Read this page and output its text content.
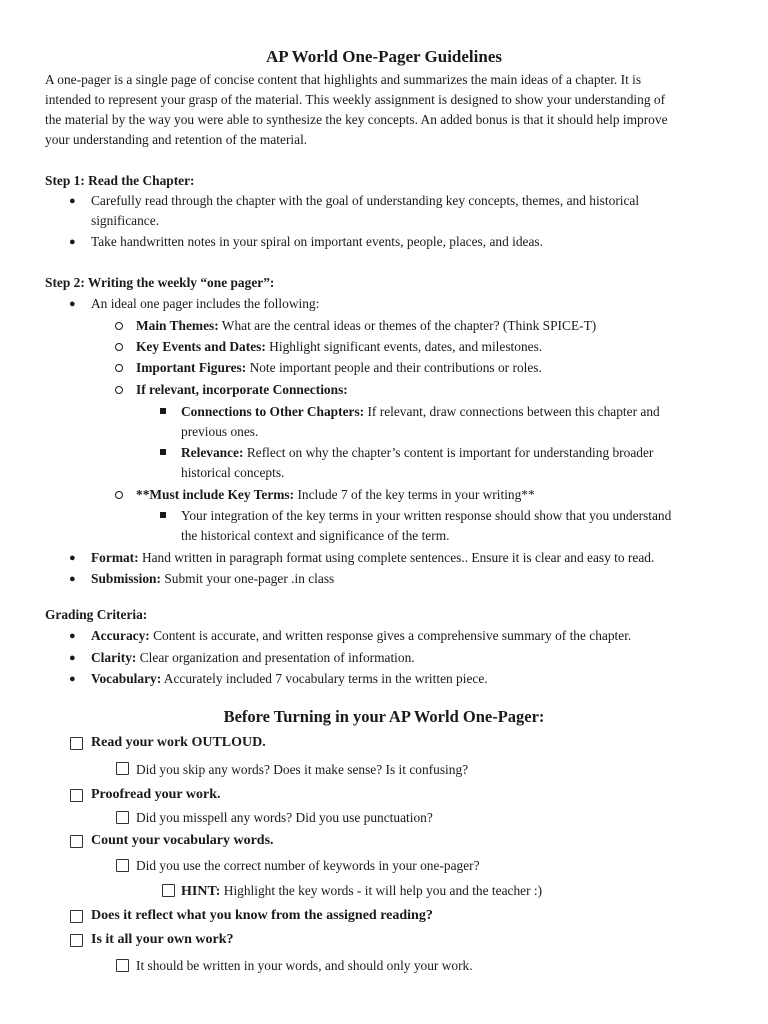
AP World One-Pager Guidelines
A one-pager is a single page of concise content that highlights and summarizes the main ideas of a chapter. It is
intended to represent your grasp of the material. This weekly assignment is designed to show your understanding of
the material by the way you were able to synthesize the key concepts. An added bonus is that it should help improve
your understanding and retention of the material.
Step 1: Read the Chapter:
● Carefully read through the chapter with the goal of understanding key concepts, themes, and historical
significance.
● Take handwritten notes in your spiral on important events, people, places, and ideas.
Step 2: Writing the weekly “one pager”:
● An ideal one pager includes the following:
Main Themes: What are the central ideas or themes of the chapter? (Think SPICE-T)
Key Events and Dates: Highlight significant events, dates, and milestones.
Important Figures: Note important people and their contributions or roles.
If relevant, incorporate Connections:
Connections to Other Chapters: If relevant, draw connections between this chapter and
previous ones.
Relevance: Reflect on why the chapter’s content is important for understanding broader
historical concepts.
**Must include Key Terms: Include 7 of the key terms in your writing**
Your integration of the key terms in your written response should show that you understand
the historical context and significance of the term.
● Format: Hand written in paragraph format using complete sentences.. Ensure it is clear and easy to read.
● Submission: Submit your one-pager .in class
Grading Criteria:
● Accuracy: Content is accurate, and written response gives a comprehensive summary of the chapter.
● Clarity: Clear organization and presentation of information.
● Vocabulary: Accurately included 7 vocabulary terms in the written piece.
Before Turning in your AP World One-Pager:
Read your work OUTLOUD.
Did you skip any words? Does it make sense? Is it confusing?
Proofread your work.
Did you misspell any words? Did you use punctuation?
Count your vocabulary words.
Did you use the correct number of keywords in your one-pager?
HINT: Highlight the key words - it will help you and the teacher :)
Does it reflect what you know from the assigned reading?
Is it all your own work?
It should be written in your words, and should only your work.
